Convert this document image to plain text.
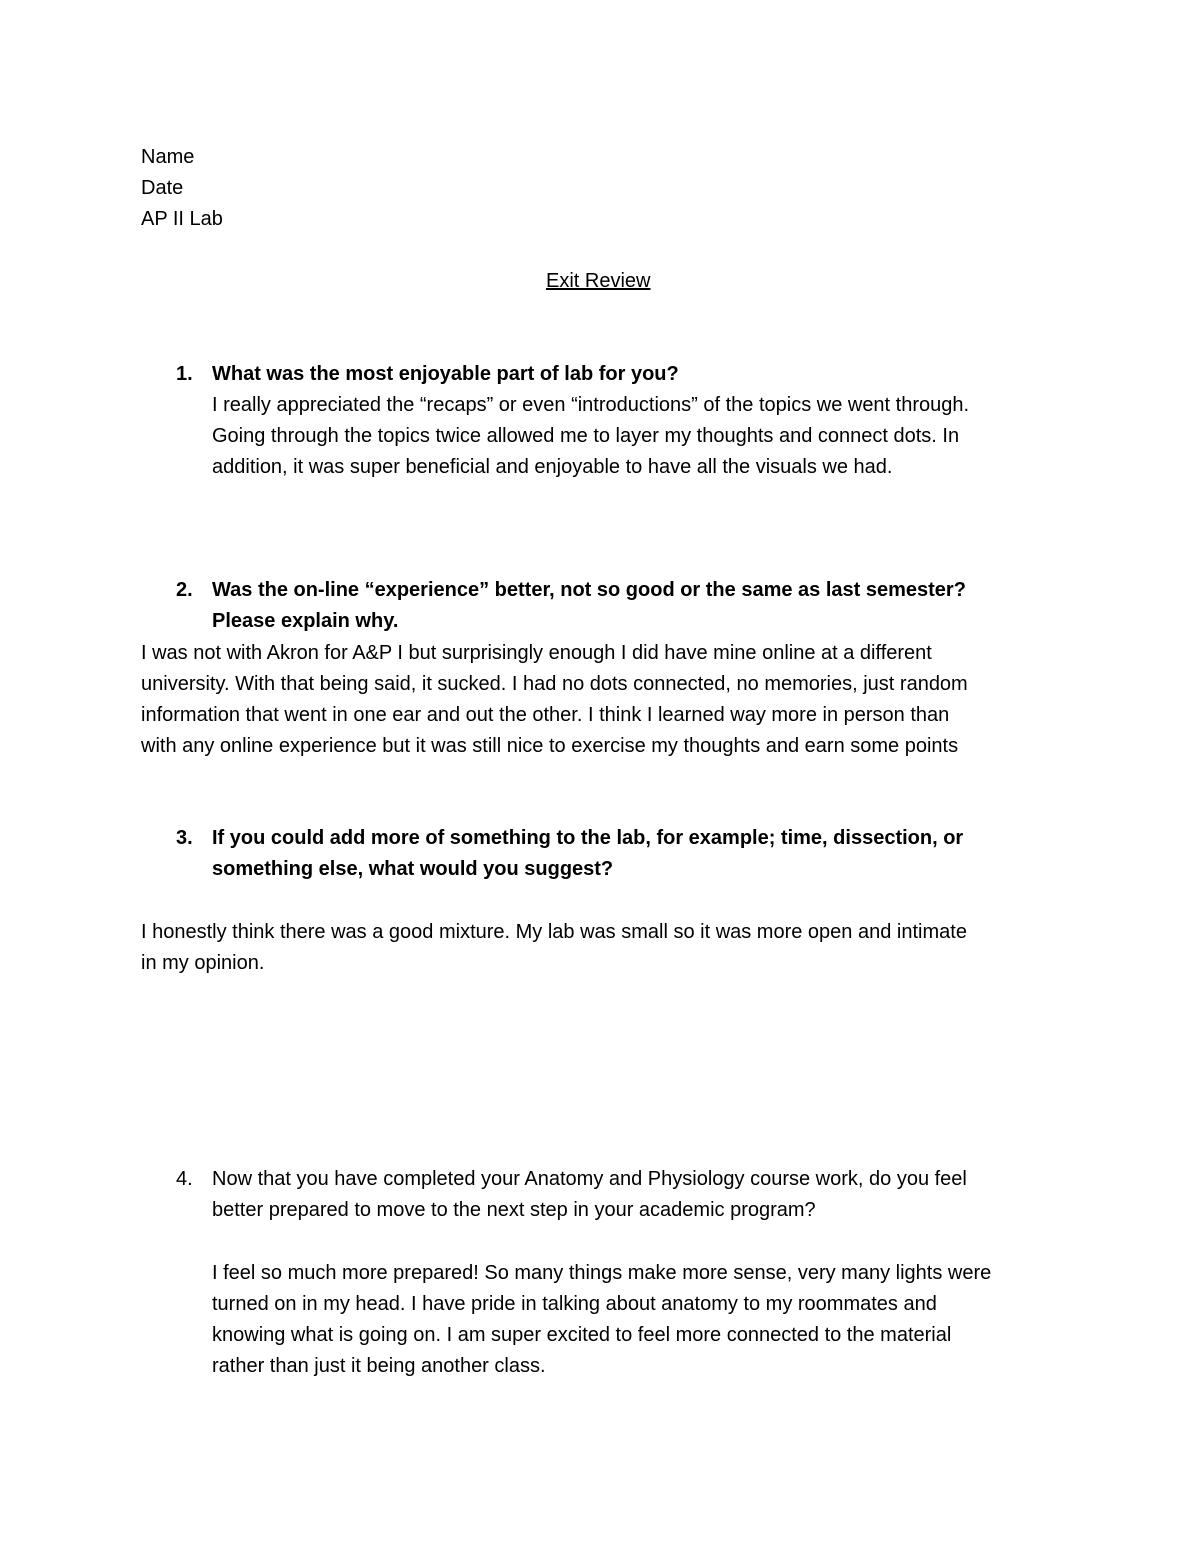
Name
Date
AP II Lab
Exit Review
1. What was the most enjoyable part of lab for you?
I really appreciated the “recaps” or even “introductions” of the topics we went through.
Going through the topics twice allowed me to layer my thoughts and connect dots. In
addition, it was super beneficial and enjoyable to have all the visuals we had.
2. Was the on-line “experience” better, not so good or the same as last semester?
Please explain why.
I was not with Akron for A&P I but surprisingly enough I did have mine online at a different
university. With that being said, it sucked. I had no dots connected, no memories, just random
information that went in one ear and out the other. I think I learned way more in person than
with any online experience but it was still nice to exercise my thoughts and earn some points
3. If you could add more of something to the lab, for example; time, dissection, or
something else, what would you suggest?
I honestly think there was a good mixture. My lab was small so it was more open and intimate
in my opinion.
4. Now that you have completed your Anatomy and Physiology course work, do you feel
better prepared to move to the next step in your academic program?
I feel so much more prepared! So many things make more sense, very many lights were
turned on in my head. I have pride in talking about anatomy to my roommates and
knowing what is going on. I am super excited to feel more connected to the material
rather than just it being another class.
